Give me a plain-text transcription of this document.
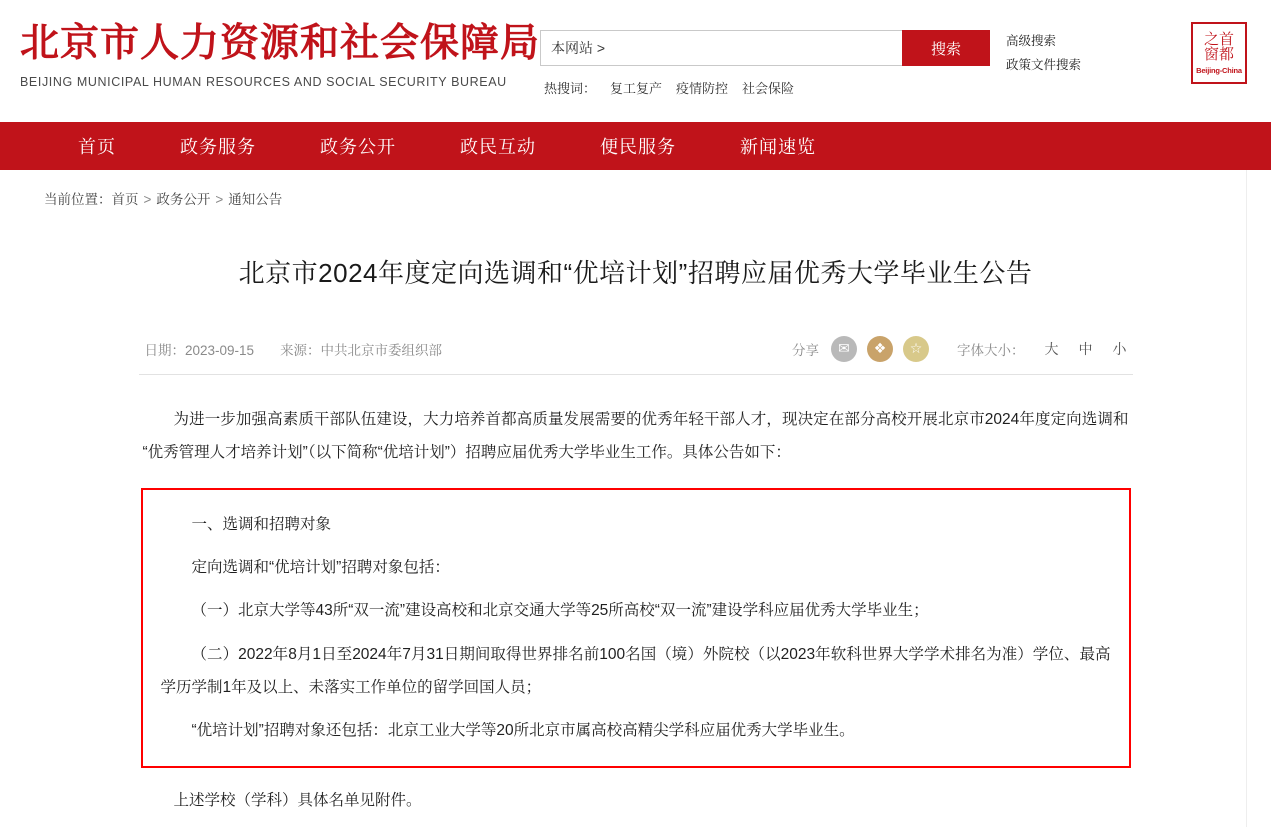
北京市人力资源和社会保障局
BEIJING MUNICIPAL HUMAN RESOURCES AND SOCIAL SECURITY BUREAU
本网站 >
搜索
热搜词： 复工复产 疫情防控 社会保险
高级搜索
政策文件搜索
之首
窗都
Beijing-China
首页	政务服务	政务公开	政民互动	便民服务	新闻速览
当前位置：首页 > 政务公开 > 通知公告
北京市2024年度定向选调和“优培计划”招聘应届优秀大学毕业生公告
日期：2023-09-15 来源：中共北京市委组织部	分享	✉	❖	☆	字体大小： 大 中 小

为进一步加强高素质干部队伍建设，大力培养首都高质量发展需要的优秀年轻干部人才，现决定在部分高校开展北京市2024年度定向选调和“优秀管理人才培养计划”（以下简称“优培计划”）招聘应届优秀大学毕业生工作。具体公告如下：

一、选调和招聘对象

定向选调和“优培计划”招聘对象包括：

（一）北京大学等43所“双一流”建设高校和北京交通大学等25所高校“双一流”建设学科应届优秀大学毕业生；

（二）2022年8月1日至2024年7月31日期间取得世界排名前100名国（境）外院校（以2023年软科世界大学学术排名为准）学位、最高学历学制1年及以上、未落实工作单位的留学回国人员；

“优培计划”招聘对象还包括：北京工业大学等20所北京市属高校高精尖学科应届优秀大学毕业生。

上述学校（学科）具体名单见附件。
